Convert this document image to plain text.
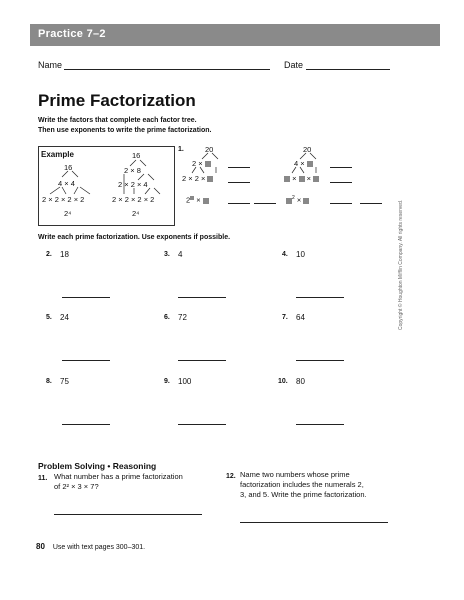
Practice 7–2
Name	Date
Prime Factorization
Write the factors that complete each factor tree.
Then use exponents to write the prime factorization.
Example
16
4 × 4
2 × 2 × 2 × 2
2⁴
16
2 × 8
2 × 2 × 4
2 × 2 × 2 × 2
2⁴
1.	20
2 ×
2 × 2 ×
2 ×
20
4 ×
×  ×
$^2$ ×
Write each prime factorization. Use exponents if possible.
2. 18	3. 4	4. 10
5. 24	6. 72	7. 64
8. 75	9. 100	10. 80
Copyright © Houghton Mifflin Company. All rights reserved.
Problem Solving • Reasoning
11. What number has a prime factorization
of 2² × 3 × 7?
12. Name two numbers whose prime
factorization includes the numerals 2,
3, and 5. Write the prime factorization.
80 Use with text pages 300–301.
